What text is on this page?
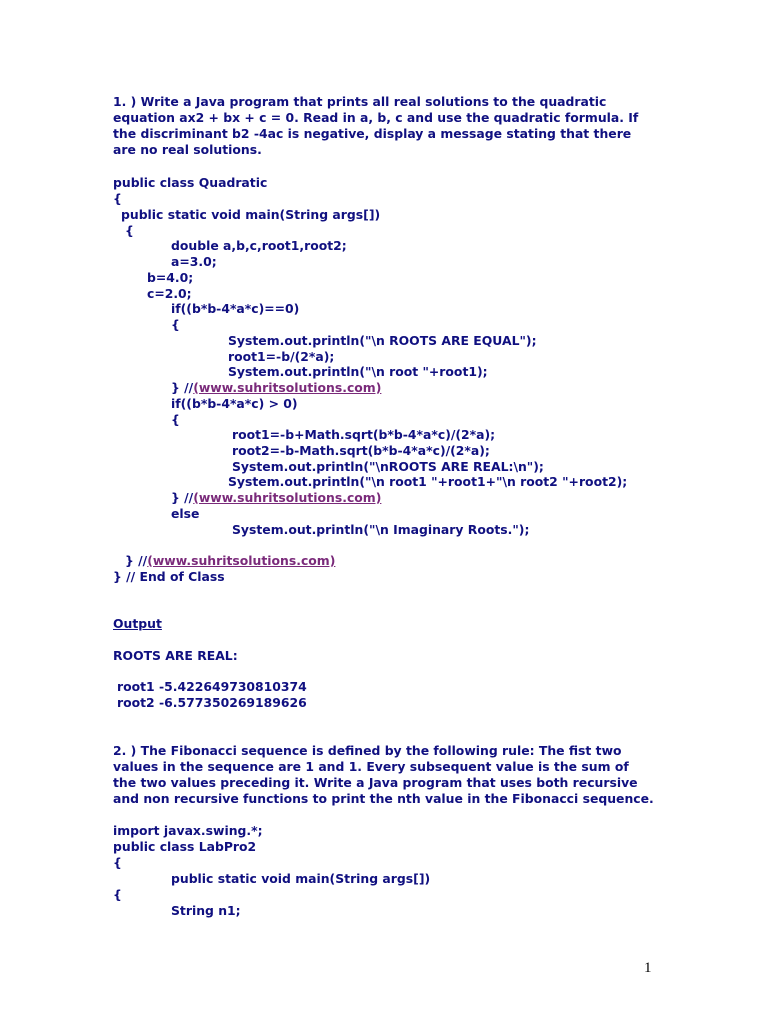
1. ) Write a Java program that prints all real solutions to the quadratic
equation ax2 + bx + c = 0. Read in a, b, c and use the quadratic formula. If
the discriminant b2 -4ac is negative, display a message stating that there
are no real solutions.
public class Quadratic
{
public static void main(String args[])
{
double a,b,c,root1,root2;
a=3.0;
b=4.0;
c=2.0;
if((b*b-4*a*c)==0)
{
System.out.println("\n ROOTS ARE EQUAL");
root1=-b/(2*a);
System.out.println("\n root "+root1);
} //(www.suhritsolutions.com)
if((b*b-4*a*c) > 0)
{
root1=-b+Math.sqrt(b*b-4*a*c)/(2*a);
root2=-b-Math.sqrt(b*b-4*a*c)/(2*a);
System.out.println("\nROOTS ARE REAL:\n");
System.out.println("\n root1 "+root1+"\n root2 "+root2);
} //(www.suhritsolutions.com)
else
System.out.println("\n Imaginary Roots.");
} //(www.suhritsolutions.com)
} // End of Class
Output
ROOTS ARE REAL:
root1 -5.422649730810374
root2 -6.577350269189626
2. ) The Fibonacci sequence is defined by the following rule: The fist two
values in the sequence are 1 and 1. Every subsequent value is the sum of
the two values preceding it. Write a Java program that uses both recursive
and non recursive functions to print the nth value in the Fibonacci sequence.
import javax.swing.*;
public class LabPro2
{
public static void main(String args[])
{
String n1;
1
